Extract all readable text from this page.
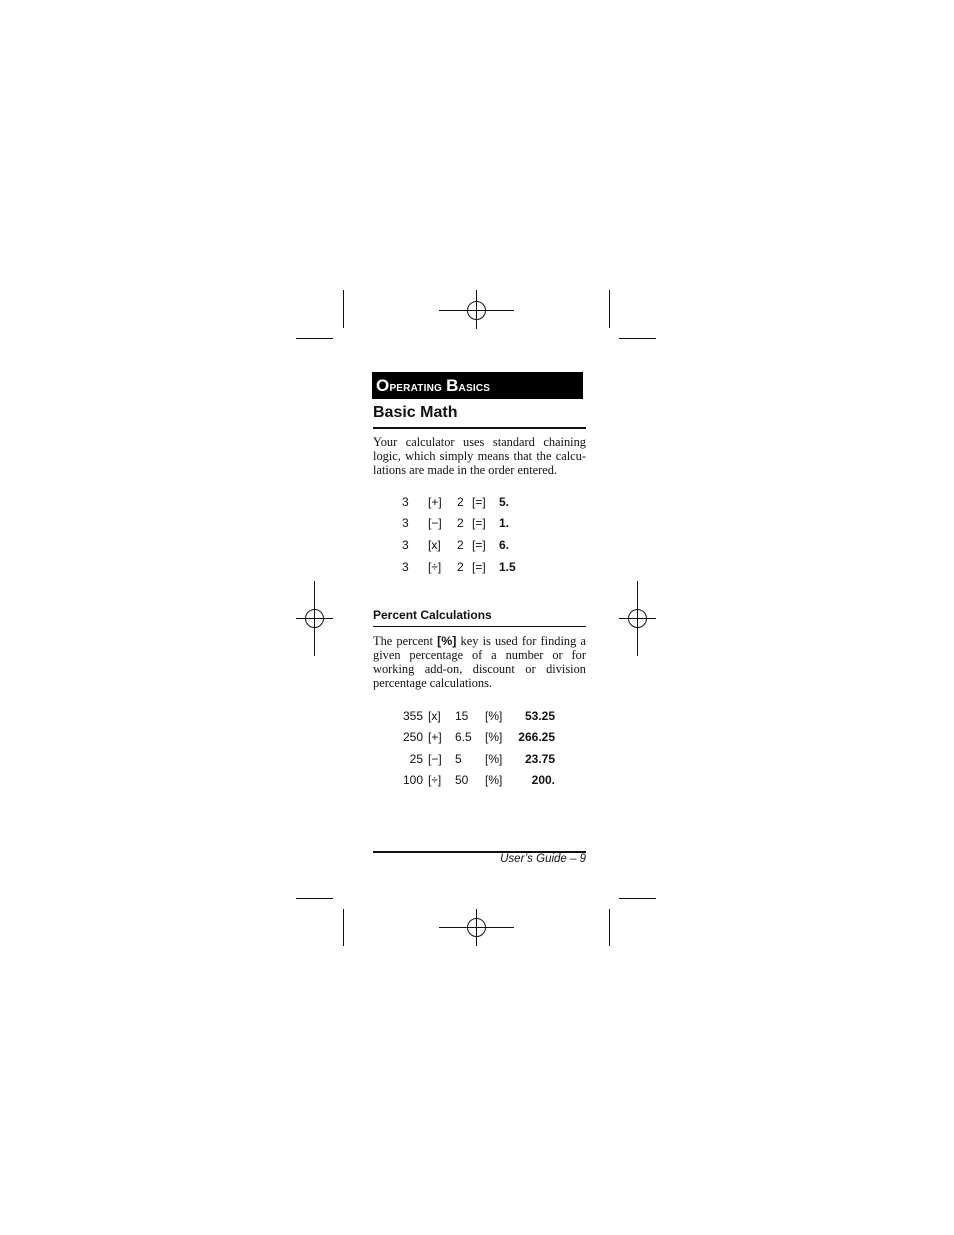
Operating Basics
Basic Math
Your calculator uses standard chaining logic, which simply means that the calcu-lations are made in the order entered.
3 [+] 2 [=] 5.
3 [−] 2 [=] 1.
3 [x] 2 [=] 6.
3 [÷] 2 [=] 1.5
Percent Calculations
The percent [%] key is used for finding a given percentage of a number or for working add-on, discount or division percentage calculations.
355 [x] 15 [%]	53.25
250 [+] 6.5 [%]	266.25
25 [−] 5 [%]	23.75
100 [÷] 50 [%]	200.
User’s Guide – 9
